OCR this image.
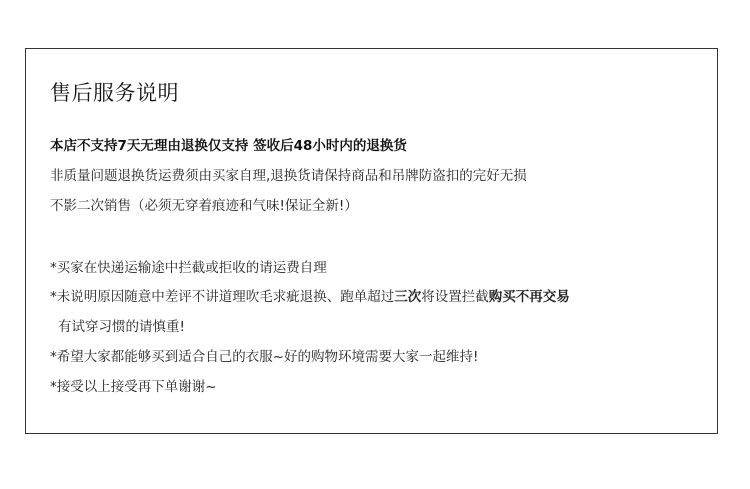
售后服务说明
本店不支持7天无理由退换仅支持 签收后48小时内的退换货
非质量问题退换货运费须由买家自理,退换货请保持商品和吊牌防盗扣的完好无损
不影二次销售（必须无穿着痕迹和气味!保证全新!）
*买家在快递运输途中拦截或拒收的请运费自理
*未说明原因随意中差评不讲道理吹毛求疵退换、跑单超过三次将设置拦截购买不再交易
有试穿习惯的请慎重!
*希望大家都能够买到适合自己的衣服~好的购物环境需要大家一起维持!
*接受以上接受再下单谢谢~
